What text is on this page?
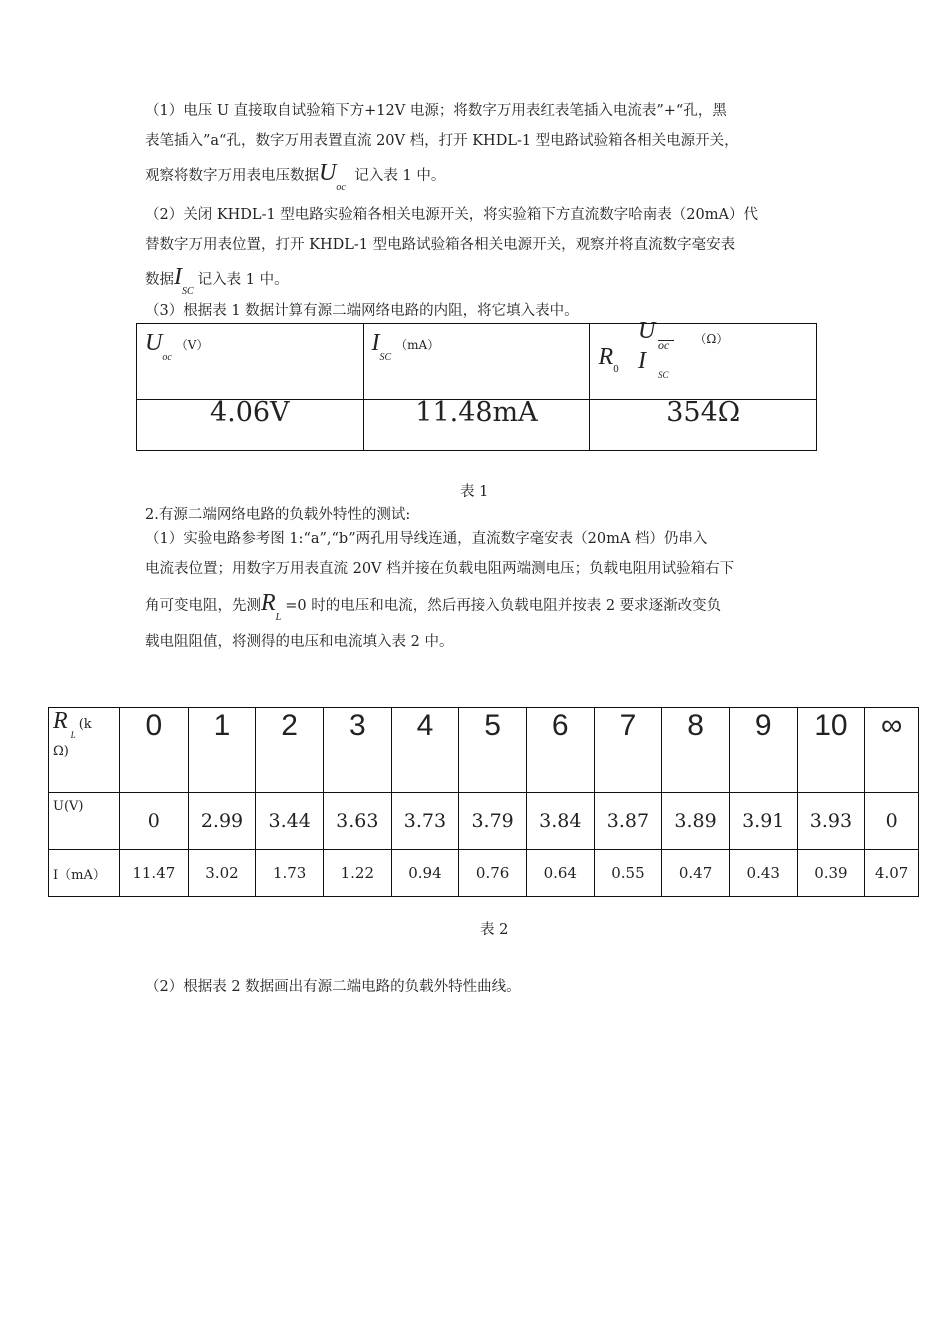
（1）电压 U 直接取自试验箱下方+12V 电源；将数字万用表红表笔插入电流表”+“孔，黑
表笔插入”a“孔，数字万用表置直流 20V 档，打开 KHDL-1 型电路试验箱各相关电源开关，
观察将数字万用表电压数据$U_{oc}$ 记入表 1 中。
（2）关闭 KHDL-1 型电路实验箱各相关电源开关，将实验箱下方直流数字哈南表（20mA）代
替数字万用表位置，打开 KHDL-1 型电路试验箱各相关电源开关，观察并将直流数字毫安表
数据$I_{SC}$记入表 1 中。
（3）根据表 1 数据计算有源二端网络电路的内阻，将它填入表中。
$U_{oc}^{(V)}$	$I_{SC}^{(mA)}$	$R_0$ U
I
oc
SC
$^{(\Omega)}$
4.06V	11.48mA	354Ω
表 1
2.有源二端网络电路的负载外特性的测试:
（1）实验电路参考图 1:“a”,“b”两孔用导线连通，直流数字毫安表（20mA 档）仍串入
电流表位置；用数字万用表直流 20V 档并接在负载电阻两端测电压；负载电阻用试验箱右下
角可变电阻，先测$R_L=0$ 时的电压和电流，然后再接入负载电阻并按表 2 要求逐渐改变负
载电阻阻值，将测得的电压和电流填入表 2 中。
$R_L(k$
Ω)	0	1	2	3	4	5	6	7	8	9	10	∞
U(V)	0	2.99	3.44	3.63	3.73	3.79	3.84	3.87	3.89	3.91	3.93	0
I（mA）	11.47	3.02	1.73	1.22	0.94	0.76	0.64	0.55	0.47	0.43	0.39	4.07
表 2
（2）根据表 2 数据画出有源二端电路的负载外特性曲线。
